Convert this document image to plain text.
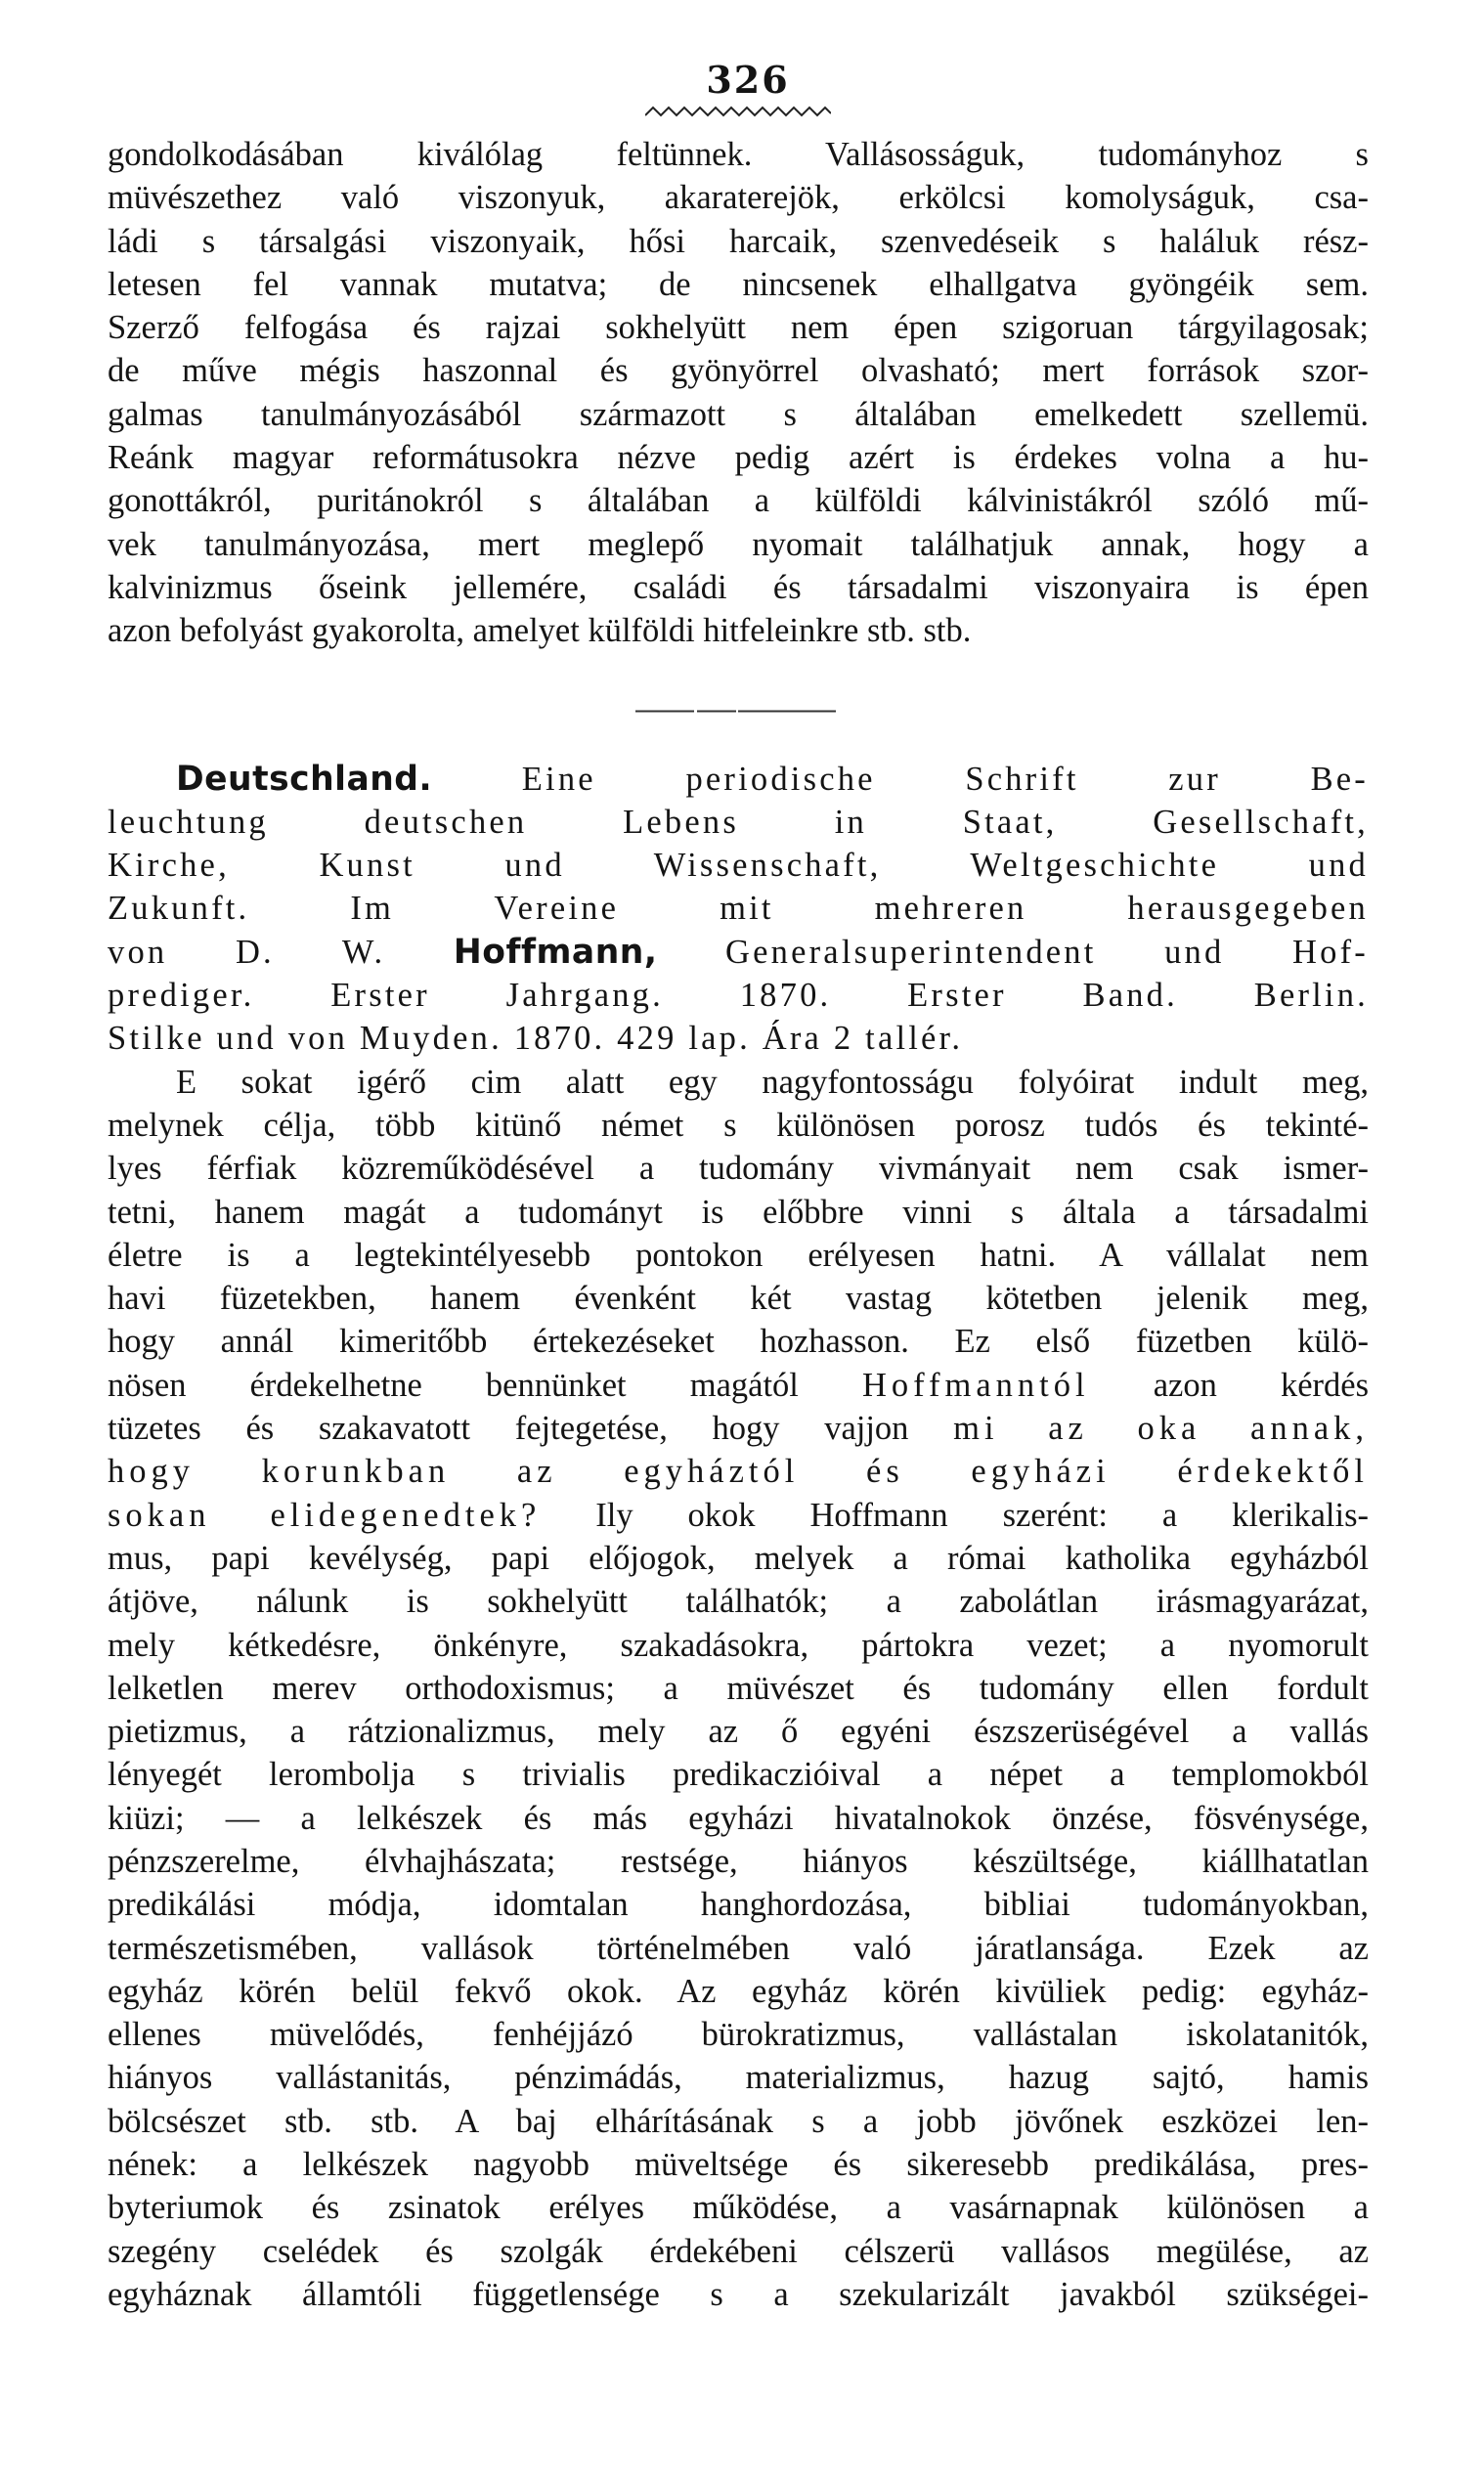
326
gondolkodásában kiválólag feltünnek. Vallásosságuk, tudományhoz s
müvészethez való viszonyuk, akaraterejök, erkölcsi komolyságuk, csa-
ládi s társalgási viszonyaik, hősi harcaik, szenvedéseik s haláluk rész-
letesen fel vannak mutatva; de nincsenek elhallgatva gyöngéik sem.
Szerző felfogása és rajzai sokhelyütt nem épen szigoruan tárgyilagosak;
de műve mégis haszonnal és gyönyörrel olvasható; mert források szor-
galmas tanulmányozásából származott s általában emelkedett szellemü.
Reánk magyar reformátusokra nézve pedig azért is érdekes volna a hu-
gonottákról, puritánokról s általában a külföldi kálvinistákról szóló mű-
vek tanulmányozása, mert meglepő nyomait találhatjuk annak, hogy a
kalvinizmus őseink jellemére, családi és társadalmi viszonyaira is épen
azon befolyást gyakorolta, amelyet külföldi hitfeleinkre stb. stb.
Deutschland.	Eine periodische Schrift zur Be-
leuchtung deutschen Lebens in Staat, Gesellschaft,
Kirche, Kunst und Wissenschaft, Weltgeschichte und
Zukunft. Im Vereine mit mehreren herausgegeben
von D. W. Hoffmann, Generalsuperintendent und Hof-
prediger. Erster Jahrgang. 1870. Erster Band. Berlin.
Stilke und von Muyden. 1870. 429 lap. Ára 2 tallér.
E sokat igérő cim alatt egy nagyfontosságu folyóirat indult meg,
melynek célja, több kitünő német s különösen porosz tudós és tekinté-
lyes férfiak közreműködésével a tudomány vivmányait nem csak ismer-
tetni, hanem magát a tudományt is előbbre vinni s általa a társadalmi
életre is a legtekintélyesebb pontokon erélyesen hatni. A vállalat nem
havi füzetekben, hanem évenként két vastag kötetben jelenik meg,
hogy annál kimeritőbb értekezéseket hozhasson. Ez első füzetben külö-
nösen érdekelhetne bennünket magától Hoffmanntól azon kérdés
tüzetes és szakavatott fejtegetése, hogy vajjon mi az oka annak,
hogy korunkban az egyháztól és egyházi érdekektől
sokan elidegenedtek? Ily okok Hoffmann szerént: a klerikalis-
mus, papi kevélység, papi előjogok, melyek a római katholika egyházból
átjöve, nálunk is sokhelyütt találhatók; a zabolátlan irásmagyarázat,
mely kétkedésre, önkényre, szakadásokra, pártokra vezet; a nyomorult
lelketlen merev orthodoxismus; a müvészet és tudomány ellen fordult
pietizmus, a rátzionalizmus, mely az ő egyéni észszerüségével a vallás
lényegét lerombolja s trivialis predikaczióival a népet a templomokból
kiüzi; — a lelkészek és más egyházi hivatalnokok önzése, fösvénysége,
pénzszerelme, élvhajhászata; restsége, hiányos készültsége, kiállhatatlan
predikálási módja, idomtalan hanghordozása, bibliai tudományokban,
természetismében, vallások történelmében való járatlansága. Ezek az
egyház körén belül fekvő okok. Az egyház körén kivüliek pedig: egyház-
ellenes müvelődés, fenhéjjázó bürokratizmus, vallástalan iskolatanitók,
hiányos vallástanitás, pénzimádás, materializmus, hazug sajtó, hamis
bölcsészet stb. stb. A baj elhárításának s a jobb jövőnek eszközei len-
nének: a lelkészek nagyobb müveltsége és sikeresebb predikálása, pres-
byteriumok és zsinatok erélyes működése, a vasárnapnak különösen a
szegény cselédek és szolgák érdekébeni célszerü vallásos megülése, az
egyháznak államtóli függetlensége s a szekularizált javakból szükségei-
